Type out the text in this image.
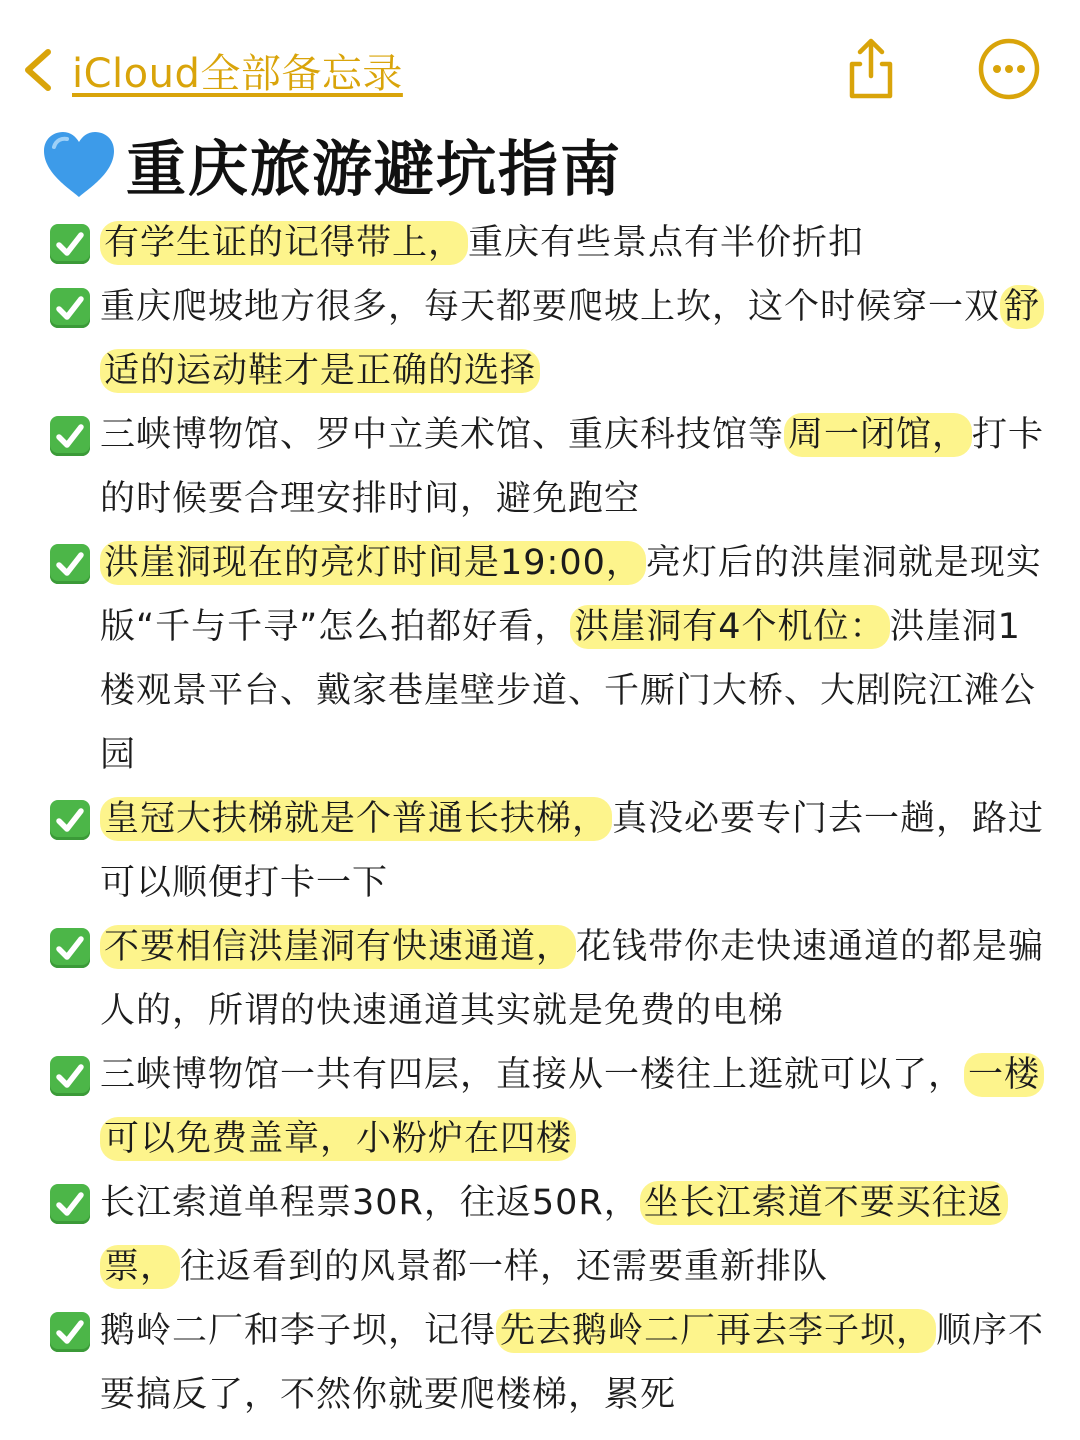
iCloud全部备忘录
重庆旅游避坑指南
有学生证的记得带上， 重庆有些景点有半价折扣
重庆爬坡地方很多，每天都要爬坡上坎，这个时候穿一双 舒适的运动鞋才是正确的选择
三峡博物馆、罗中立美术馆、重庆科技馆等 周一闭馆， 打卡的时候要合理安排时间，避免跑空
洪崖洞现在的亮灯时间是19:00， 亮灯后的洪崖洞就是现实版“千与千寻”怎么拍都好看， 洪崖洞有4个机位： 洪崖洞1楼观景平台、戴家巷崖壁步道、千厮门大桥、大剧院江滩公园
皇冠大扶梯就是个普通长扶梯， 真没必要专门去一趟，路过可以顺便打卡一下
不要相信洪崖洞有快速通道， 花钱带你走快速通道的都是骗人的，所谓的快速通道其实就是免费的电梯
三峡博物馆一共有四层，直接从一楼往上逛就可以了， 一楼可以免费盖章，小粉炉在四楼
长江索道单程票30R，往返50R， 坐长江索道不要买往返票， 往返看到的风景都一样，还需要重新排队
鹅岭二厂和李子坝，记得 先去鹅岭二厂再去李子坝， 顺序不要搞反了，不然你就要爬楼梯，累死
